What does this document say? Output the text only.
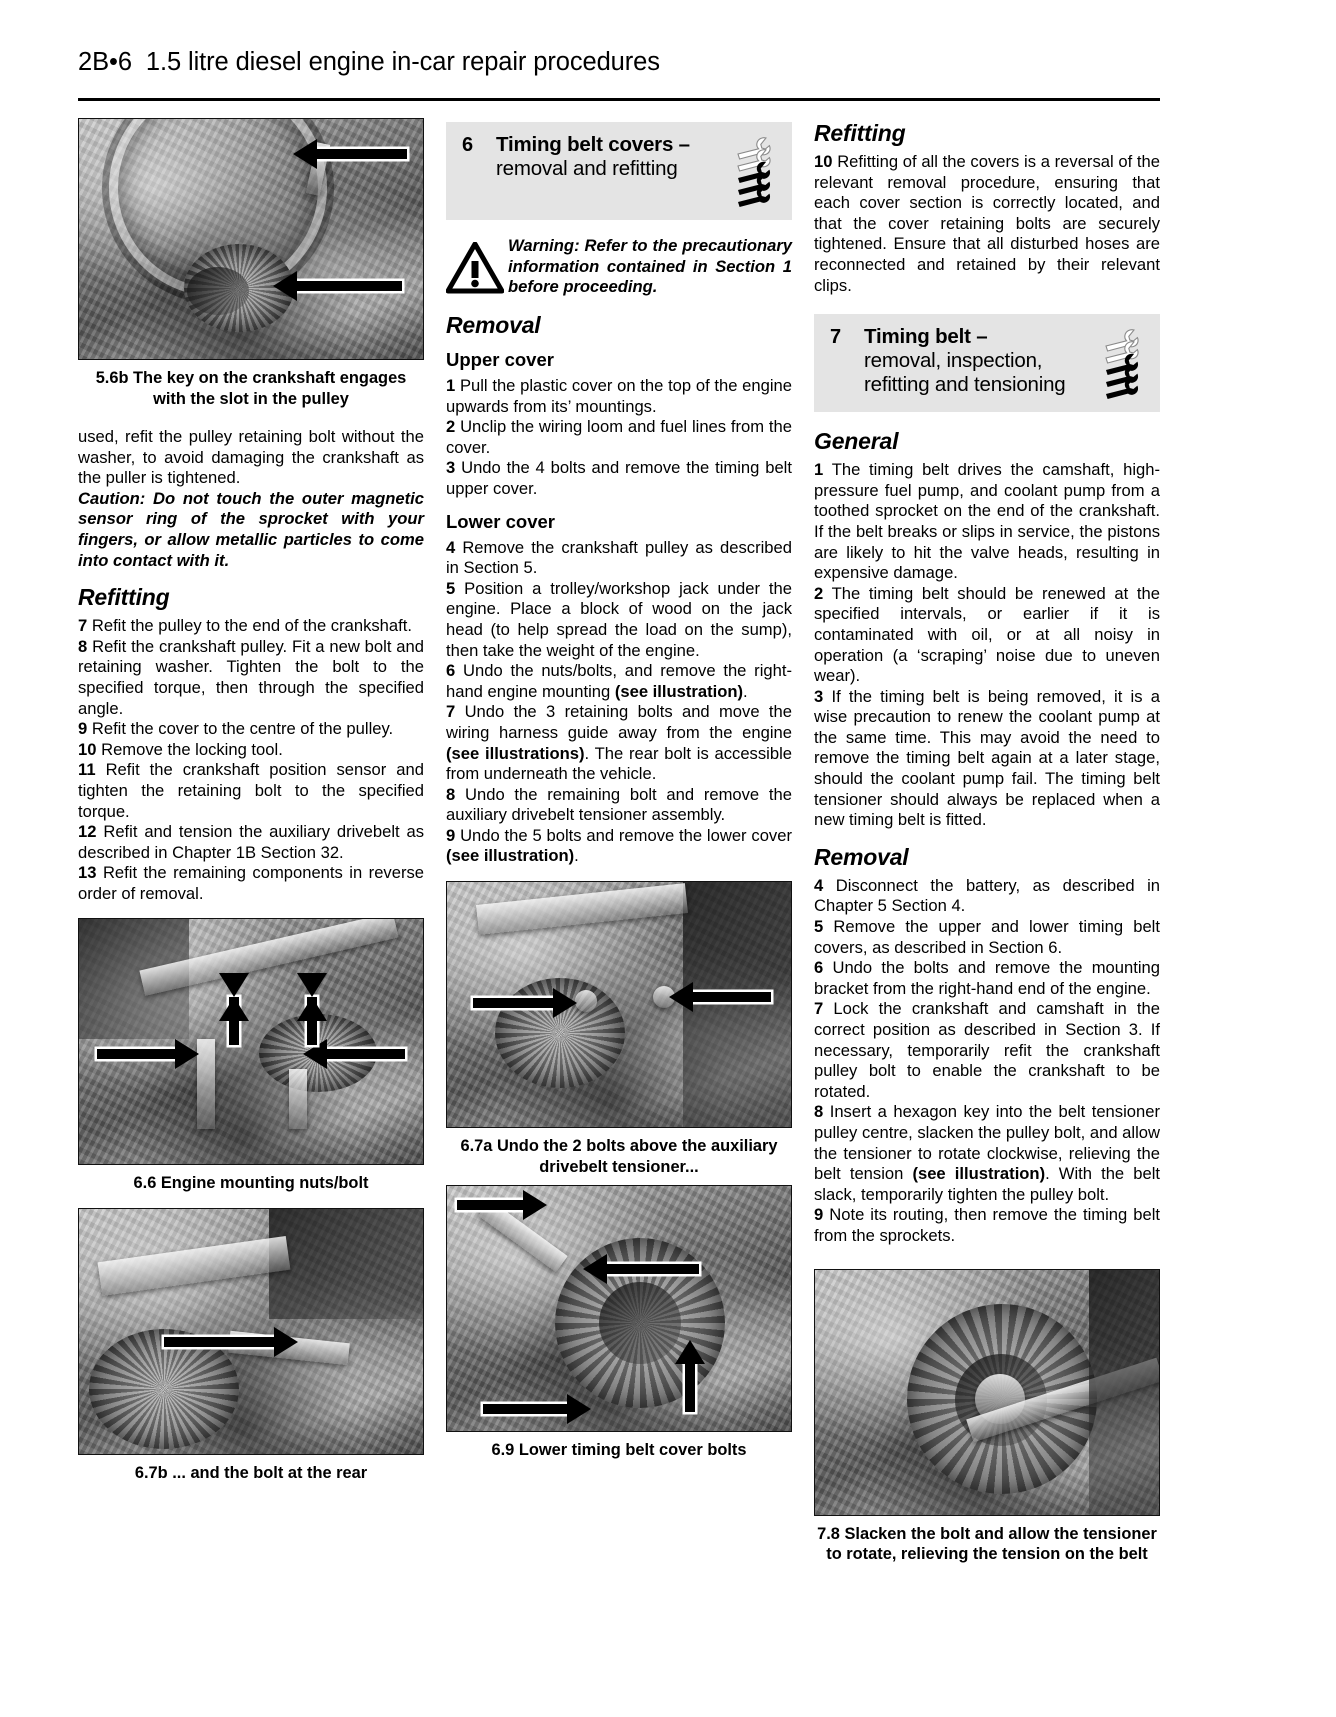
2B•6 1.5 litre diesel engine in-car repair procedures

5.6b The key on the crankshaft engages with the slot in the pulley

used, refit the pulley retaining bolt without the washer, to avoid damaging the crankshaft as the puller is tightened.

Caution: Do not touch the outer magnetic sensor ring of the sprocket with your fingers, or allow metallic particles to come into contact with it.

Refitting

7 Refit the pulley to the end of the crankshaft.

8 Refit the crankshaft pulley. Fit a new bolt and retaining washer. Tighten the bolt to the specified torque, then through the specified angle.

9 Refit the cover to the centre of the pulley.

10 Remove the locking tool.

11 Refit the crankshaft position sensor and tighten the retaining bolt to the specified torque.

12 Refit and tension the auxiliary drivebelt as described in Chapter 1B Section 32.

13 Refit the remaining components in reverse order of removal.

6.6 Engine mounting nuts/bolt

6.7b ... and the bolt at the rear

6	Timing belt covers –
removal and refitting
Warning: Refer to the precautionary information contained in Section 1 before proceeding.
Removal
Upper cover

1 Pull the plastic cover on the top of the engine upwards from its’ mountings.

2 Unclip the wiring loom and fuel lines from the cover.

3 Undo the 4 bolts and remove the timing belt upper cover.

Lower cover

4 Remove the crankshaft pulley as described in Section 5.

5 Position a trolley/workshop jack under the engine. Place a block of wood on the jack head (to help spread the load on the sump), then take the weight of the engine.

6 Undo the nuts/bolts, and remove the right-hand engine mounting (see illustration).

7 Undo the 3 retaining bolts and move the wiring harness guide away from the engine (see illustrations). The rear bolt is accessible from underneath the vehicle.

8 Undo the remaining bolt and remove the auxiliary drivebelt tensioner assembly.

9 Undo the 5 bolts and remove the lower cover (see illustration).

6.7a Undo the 2 bolts above the auxiliary drivebelt tensioner...

6.9 Lower timing belt cover bolts

Refitting

10 Refitting of all the covers is a reversal of the relevant removal procedure, ensuring that each cover section is correctly located, and that the cover retaining bolts are securely tightened. Ensure that all disturbed hoses are reconnected and retained by their relevant clips.

7	Timing belt –
removal, inspection,
refitting and tensioning
General

1 The timing belt drives the camshaft, high-pressure fuel pump, and coolant pump from a toothed sprocket on the end of the crankshaft. If the belt breaks or slips in service, the pistons are likely to hit the valve heads, resulting in expensive damage.

2 The timing belt should be renewed at the specified intervals, or earlier if it is contaminated with oil, or at all noisy in operation (a ‘scraping’ noise due to uneven wear).

3 If the timing belt is being removed, it is a wise precaution to renew the coolant pump at the same time. This may avoid the need to remove the timing belt again at a later stage, should the coolant pump fail. The timing belt tensioner should always be replaced when a new timing belt is fitted.

Removal

4 Disconnect the battery, as described in Chapter 5 Section 4.

5 Remove the upper and lower timing belt covers, as described in Section 6.

6 Undo the bolts and remove the mounting bracket from the right-hand end of the engine.

7 Lock the crankshaft and camshaft in the correct position as described in Section 3. If necessary, temporarily refit the crankshaft pulley bolt to enable the crankshaft to be rotated.

8 Insert a hexagon key into the belt tensioner pulley centre, slacken the pulley bolt, and allow the tensioner to rotate clockwise, relieving the belt tension (see illustration). With the belt slack, temporarily tighten the pulley bolt.

9 Note its routing, then remove the timing belt from the sprockets.

7.8 Slacken the bolt and allow the tensioner to rotate, relieving the tension on the belt
